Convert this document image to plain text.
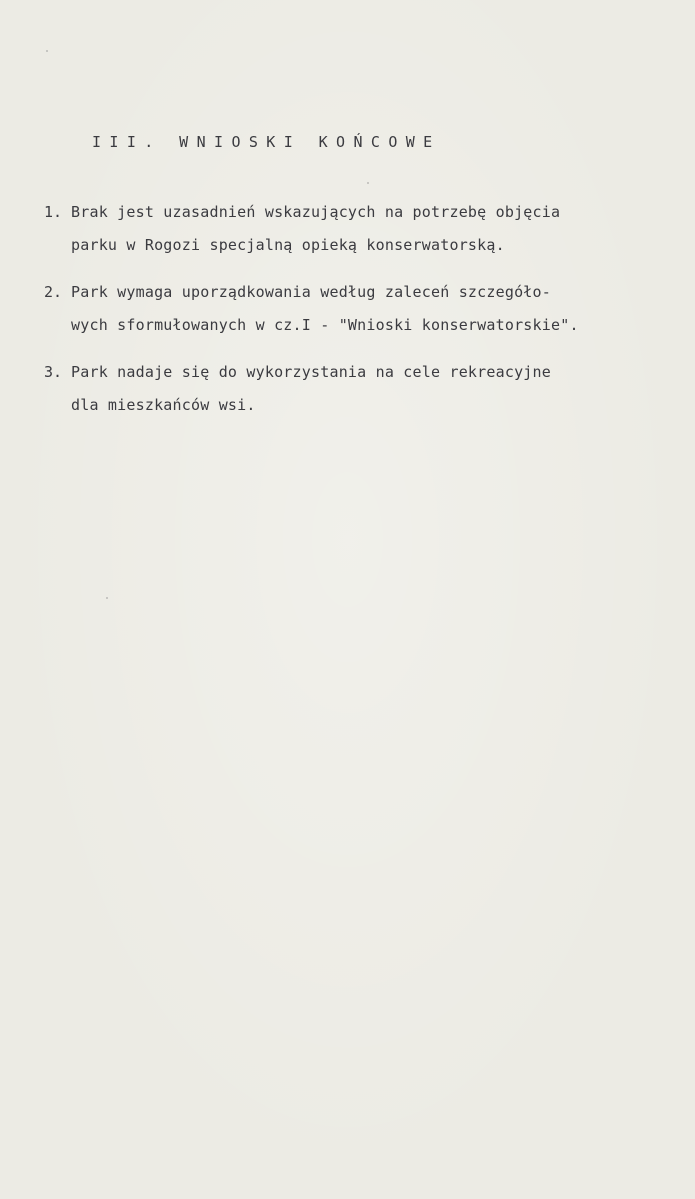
III. WNIOSKI KOŃCOWE
1. Brak jest uzasadnień wskazujących na potrzebę objęcia
parku w Rogozi specjalną opieką konserwatorską.
2. Park wymaga uporządkowania według zaleceń szczegóło-
wych sformułowanych w cz.I - "Wnioski konserwatorskie".
3. Park nadaje się do wykorzystania na cele rekreacyjne
dla mieszkańców wsi.
